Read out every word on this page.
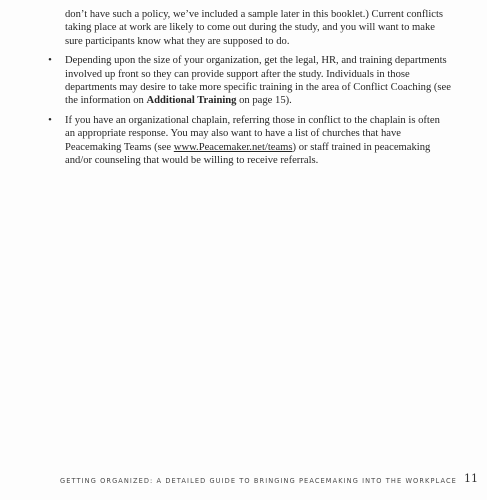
don’t have such a policy, we’ve included a sample later in this booklet.) Current conflicts taking place at work are likely to come out during the study, and you will want to make sure participants know what they are supposed to do.

• Depending upon the size of your organization, get the legal, HR, and training departments involved up front so they can provide support after the study. Individuals in those departments may desire to take more specific training in the area of Conflict Coaching (see the information on Additional Training on page 15).
• If you have an organizational chaplain, referring those in conflict to the chaplain is often an appropriate response. You may also want to have a list of churches that have Peacemaking Teams (see www.Peacemaker.net/teams) or staff trained in peacemaking and/or counseling that would be willing to receive referrals.
GETTING ORGANIZED: A DETAILED GUIDE TO BRINGING PEACEMAKING INTO THE WORKPLACE 11
